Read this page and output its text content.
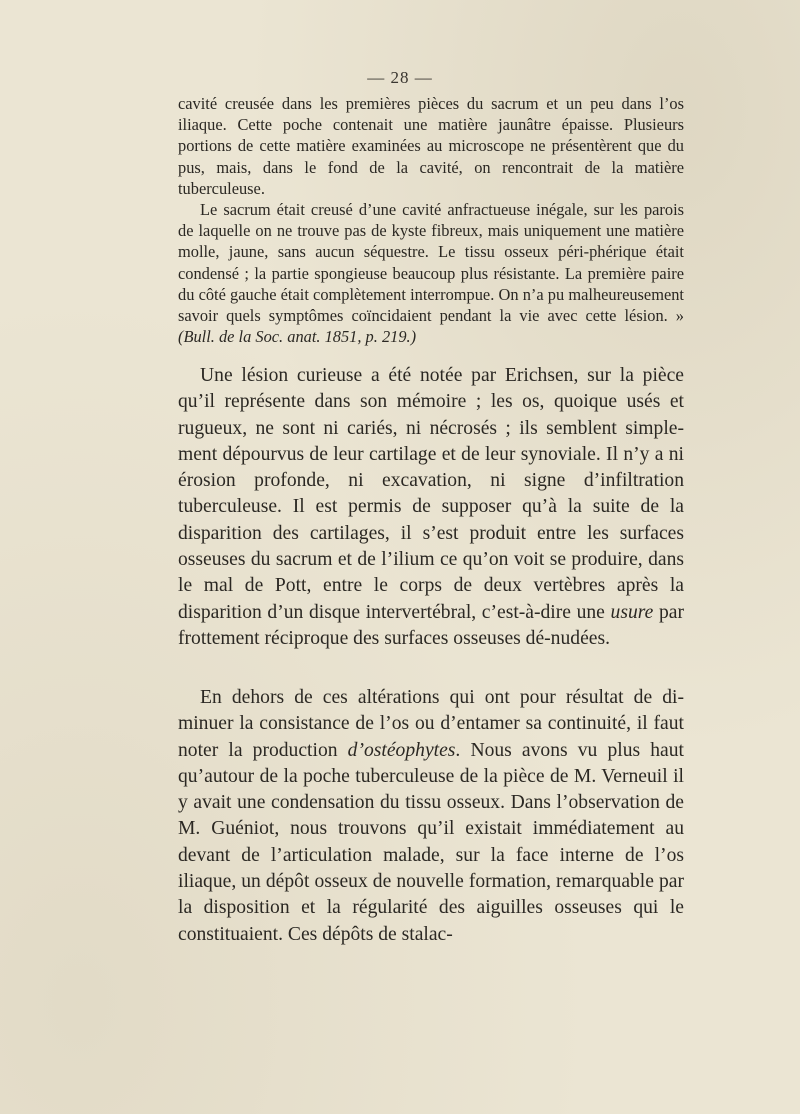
— 28 —

cavité creusée dans les premières pièces du sacrum et un peu dans l’os iliaque. Cette poche contenait une matière jaunâtre épaisse. Plusieurs portions de cette matière examinées au microscope ne présentèrent que du pus, mais, dans le fond de la cavité, on rencontrait de la matière tuberculeuse.

Le sacrum était creusé d’une cavité anfractueuse inégale, sur les parois de laquelle on ne trouve pas de kyste fibreux, mais uniquement une matière molle, jaune, sans aucun séquestre. Le tissu osseux péri-phérique était condensé ; la partie spongieuse beaucoup plus résistante. La première paire du côté gauche était complètement interrompue. On n’a pu malheureusement savoir quels symptômes coïncidaient pendant la vie avec cette lésion. » (Bull. de la Soc. anat. 1851, p. 219.)

Une lésion curieuse a été notée par Erichsen, sur la pièce qu’il représente dans son mémoire ; les os, quoique usés et rugueux, ne sont ni cariés, ni nécrosés ; ils semblent simple-ment dépourvus de leur cartilage et de leur synoviale. Il n’y a ni érosion profonde, ni excavation, ni signe d’infiltration tuberculeuse. Il est permis de supposer qu’à la suite de la disparition des cartilages, il s’est produit entre les surfaces osseuses du sacrum et de l’ilium ce qu’on voit se produire, dans le mal de Pott, entre le corps de deux vertèbres après la disparition d’un disque intervertébral, c’est-à-dire une usure par frottement réciproque des surfaces osseuses dé-nudées.

En dehors de ces altérations qui ont pour résultat de di-minuer la consistance de l’os ou d’entamer sa continuité, il faut noter la production d’ostéophytes. Nous avons vu plus haut qu’autour de la poche tuberculeuse de la pièce de M. Verneuil il y avait une condensation du tissu osseux. Dans l’observation de M. Guéniot, nous trouvons qu’il existait immédiatement au devant de l’articulation malade, sur la face interne de l’os iliaque, un dépôt osseux de nouvelle formation, remarquable par la disposition et la régularité des aiguilles osseuses qui le constituaient. Ces dépôts de stalac-
